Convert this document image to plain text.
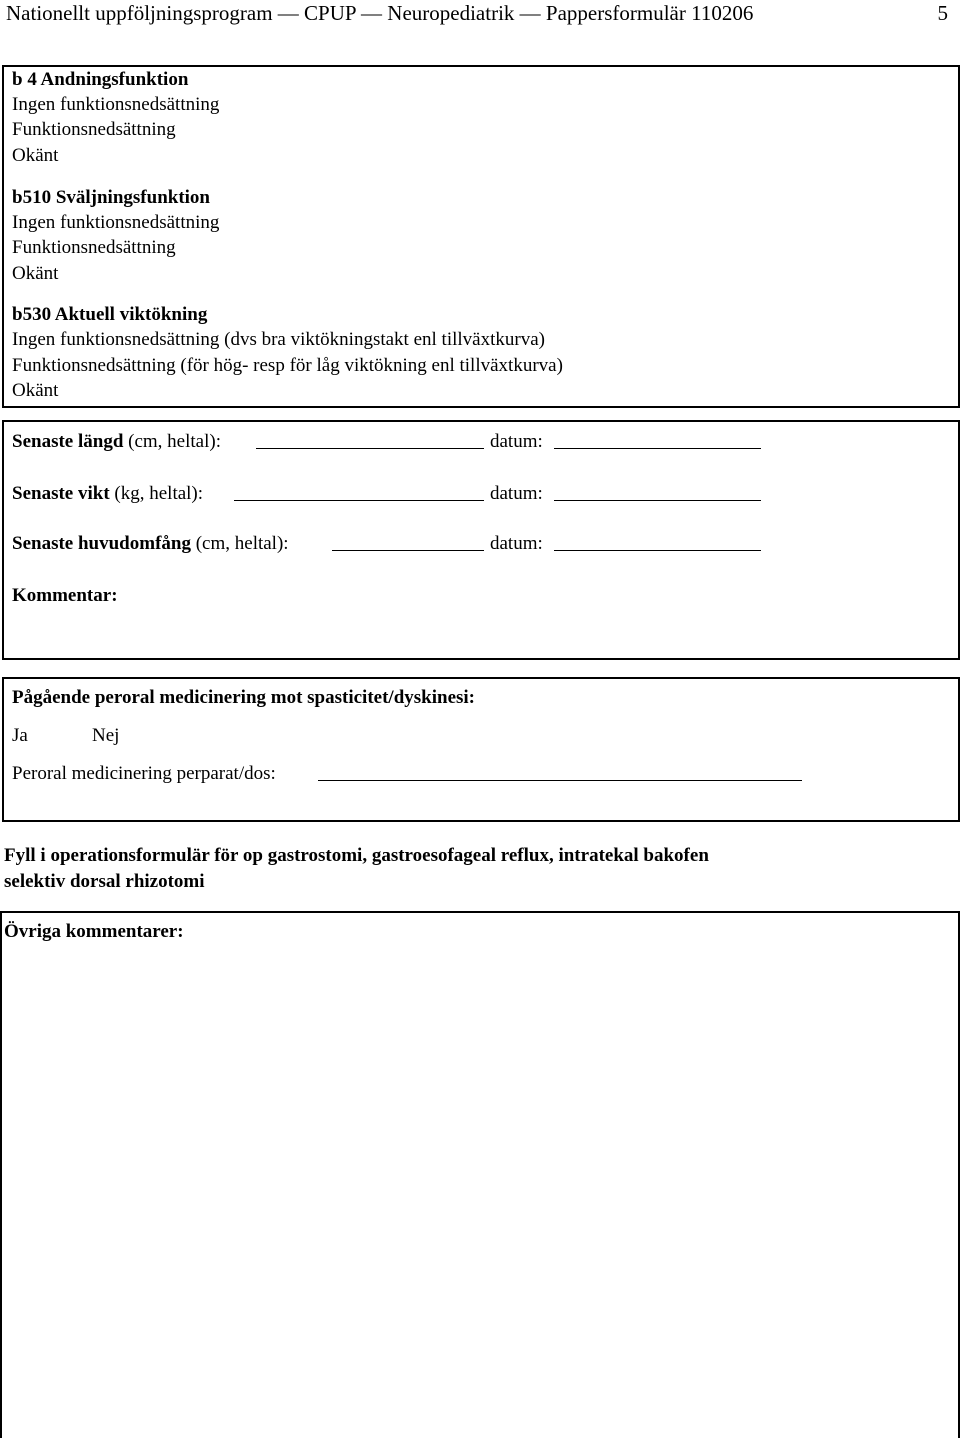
Nationellt uppföljningsprogram — CPUP — Neuropediatrik — Pappersformulär 110206	5
b 4 Andningsfunktion
Ingen funktionsnedsättning
Funktionsnedsättning
Okänt
b510 Sväljningsfunktion
Ingen funktionsnedsättning
Funktionsnedsättning
Okänt
b530 Aktuell viktökning
Ingen funktionsnedsättning (dvs bra viktökningstakt enl tillväxtkurva)
Funktionsnedsättning (för hög- resp för låg viktökning enl tillväxtkurva)
Okänt
Senaste längd (cm, heltal):	datum:
Senaste vikt (kg, heltal):	datum:
Senaste huvudomfång (cm, heltal):	datum:
Kommentar:
Pågående peroral medicinering mot spasticitet/dyskinesi:
Ja	Nej
Peroral medicinering perparat/dos:
Fyll i operationsformulär för op gastrostomi, gastroesofageal reflux, intratekal bakofen
selektiv dorsal rhizotomi
Övriga kommentarer:
